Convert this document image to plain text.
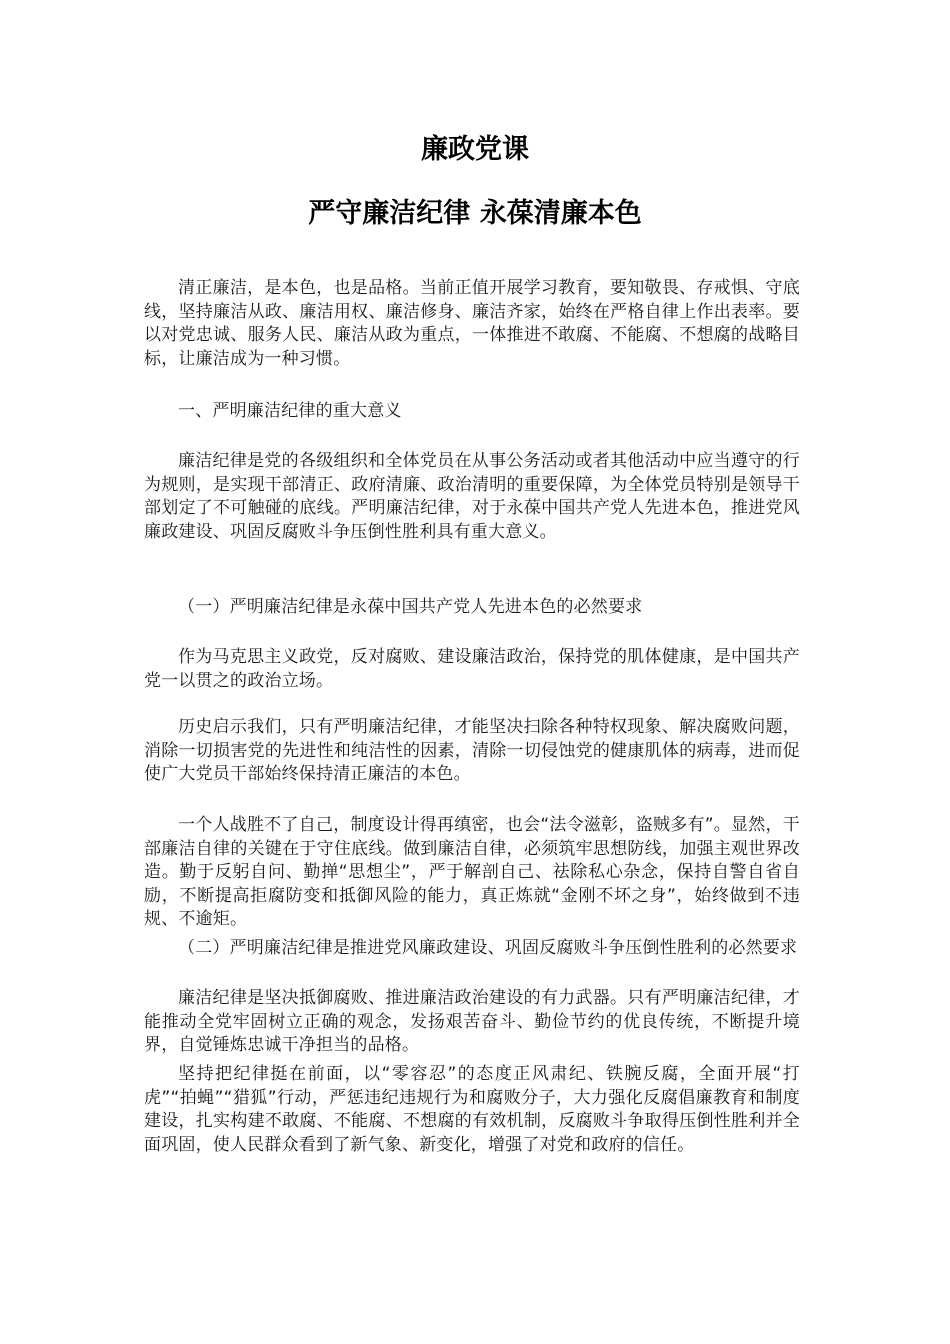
廉政党课
严守廉洁纪律 永葆清廉本色
清正廉洁，是本色，也是品格。当前正值开展学习教育，要知敬畏、存戒惧、守底线，坚持廉洁从政、廉洁用权、廉洁修身、廉洁齐家，始终在严格自律上作出表率。要以对党忠诚、服务人民、廉洁从政为重点，一体推进不敢腐、不能腐、不想腐的战略目标，让廉洁成为一种习惯。
一、严明廉洁纪律的重大意义
廉洁纪律是党的各级组织和全体党员在从事公务活动或者其他活动中应当遵守的行为规则，是实现干部清正、政府清廉、政治清明的重要保障，为全体党员特别是领导干部划定了不可触碰的底线。严明廉洁纪律，对于永葆中国共产党人先进本色，推进党风廉政建设、巩固反腐败斗争压倒性胜利具有重大意义。
（一）严明廉洁纪律是永葆中国共产党人先进本色的必然要求
作为马克思主义政党，反对腐败、建设廉洁政治，保持党的肌体健康，是中国共产党一以贯之的政治立场。
历史启示我们，只有严明廉洁纪律，才能坚决扫除各种特权现象、解决腐败问题，消除一切损害党的先进性和纯洁性的因素，清除一切侵蚀党的健康肌体的病毒，进而促使广大党员干部始终保持清正廉洁的本色。
一个人战胜不了自己，制度设计得再缜密，也会“法令滋彰，盗贼多有”。显然，干部廉洁自律的关键在于守住底线。做到廉洁自律，必须筑牢思想防线，加强主观世界改造。勤于反躬自问、勤掸“思想尘”，严于解剖自己、祛除私心杂念，保持自警自省自励，不断提高拒腐防变和抵御风险的能力，真正炼就“金刚不坏之身”，始终做到不违规、不逾矩。
（二）严明廉洁纪律是推进党风廉政建设、巩固反腐败斗争压倒性胜利的必然要求
廉洁纪律是坚决抵御腐败、推进廉洁政治建设的有力武器。只有严明廉洁纪律，才能推动全党牢固树立正确的观念，发扬艰苦奋斗、勤俭节约的优良传统，不断提升境界，自觉锤炼忠诚干净担当的品格。
坚持把纪律挺在前面，以“零容忍”的态度正风肃纪、铁腕反腐，全面开展“打虎”“拍蝇”“猎狐”行动，严惩违纪违规行为和腐败分子，大力强化反腐倡廉教育和制度建设，扎实构建不敢腐、不能腐、不想腐的有效机制，反腐败斗争取得压倒性胜利并全面巩固，使人民群众看到了新气象、新变化，增强了对党和政府的信任。
